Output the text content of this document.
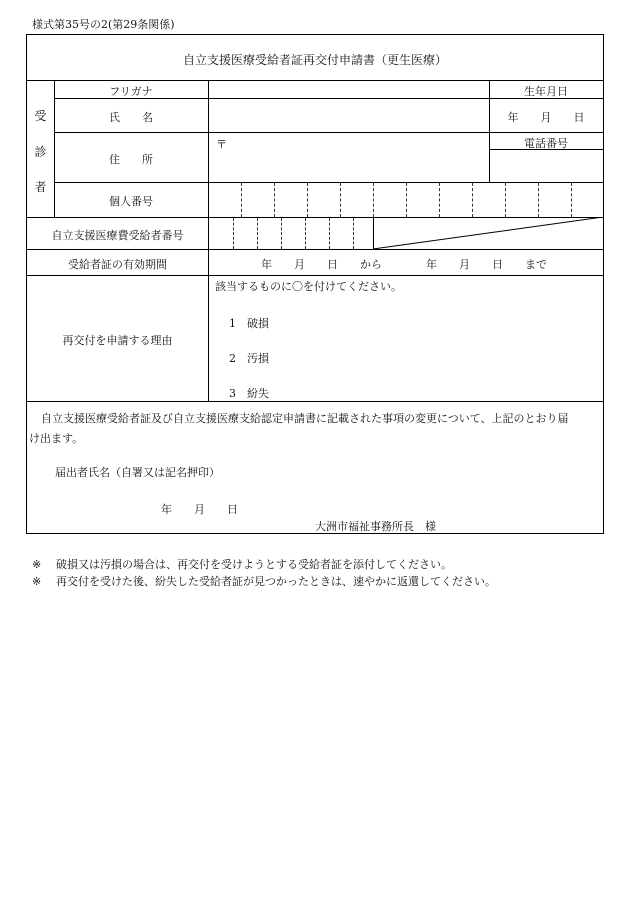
様式第35号の2(第29条関係)
自立支援医療受給者証再交付申請書（更生医療）
受
診
者
フリガナ
氏　　名
住　　所
〒
個人番号
生年月日
年　　月　　日
電話番号
自立支援医療費受給者番号
受給者証の有効期間	年　　月　　日　　から　　　　年　　月　　日　　まで
再交付を申請する理由
該当するものに〇を付けてください。
1　破損
2　汚損
3　紛失
自立支援医療受給者証及び自立支援医療支給認定申請書に記載された事項の変更について、上記のとおり届
け出ます。
届出者氏名（自署又は記名押印）
年　　月　　日
大洲市福祉事務所長　様
※ 破損又は汚損の場合は、再交付を受けようとする受給者証を添付してください。
※ 再交付を受けた後、紛失した受給者証が見つかったときは、速やかに返還してください。
